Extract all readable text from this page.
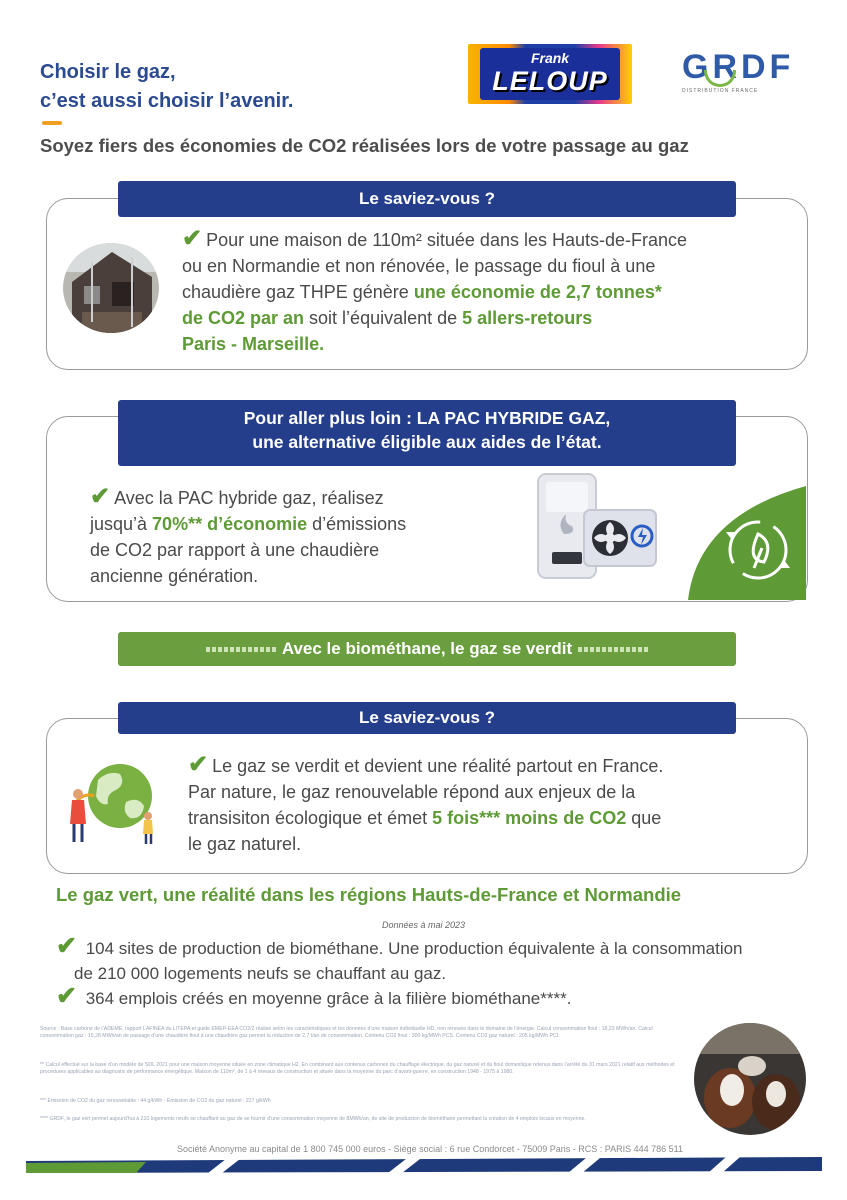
Choisir le gaz,
c’est aussi choisir l’avenir.
Frank
LELOUP	GRDF
DISTRIBUTION FRANCE
Soyez fiers des économies de CO2 réalisées lors de votre passage au gaz
Le saviez-vous ?
✔ Pour une maison de 110m² située dans les Hauts-de-France
ou en Normandie et non rénovée, le passage du fioul à une
chaudière gaz THPE génère une économie de 2,7 tonnes*
de CO2 par an soit l’équivalent de 5 allers-retours
Paris - Marseille.
Pour aller plus loin : LA PAC HYBRIDE GAZ,
une alternative éligible aux aides de l’état.
✔ Avec la PAC hybride gaz, réalisez
jusqu’à 70%** d’économie d’émissions
de CO2 par rapport à une chaudière
ancienne génération.
Avec le biométhane, le gaz se verdit
Le saviez-vous ?
✔ Le gaz se verdit et devient une réalité partout en France.
Par nature, le gaz renouvelable répond aux enjeux de la
transisiton écologique et émet 5 fois*** moins de CO2 que
le gaz naturel.
Le gaz vert, une réalité dans les régions Hauts-de-France et Normandie
Données à mai 2023
✔ 104 sites de production de biométhane. Une production équivalente à la consommation
de 210 000 logements neufs se chauffant au gaz.
✔ 364 emplois créés en moyenne grâce à la filière biométhane****.
Source : Base carbone de l’ADEME, rapport LAFINEA du LITEPA et guide EMEP-EEA CO2/2 réalisé selon les caractéristiques et les données d’une maison individuelle HD, non rénovée dans le domaine de l’énergie. Calcul consommation fioul : 18,23 MWh/an. Calcul consommation gaz : 15,28 MWh/an de passage d’une chaudière fioul à une chaudière gaz permet la réduction de 2,7 t/an de consommation. Contenu CO2 fioul : 300 kg/MWh PCS. Contenu CO2 gaz naturel : 205 kg/MWh PCI.
** Calcul effectué sur la base d’un modèle de SDL 2021 pour une maison moyenne située en zone climatique H2. En combinant aux contenus carbones du chauffage électrique, du gaz naturel et du fioul domestique retenus dans l’arrêté du 31 mars 2021 relatif aux méthodes et procédures applicables au diagnostic de performance énergétique. Maison de 110m², de 1 à 4 niveaux de construction et située dans la moyenne du parc d’avant-guerre, en construction 1948 - 1975 à 1980.
*** Émission de CO2 du gaz renouvelable : 44 g/kWh - Émission de CO2 du gaz naturel : 227 g/kWh
**** GRDF, le gaz vert permet aujourd’hui à 210 logements neufs se chauffant au gaz de se fournir d’une consommation moyenne de 8MWh/an, de site de production de biométhane permettant la création de 4 emplois locaux en moyenne.
Société Anonyme au capital de 1 800 745 000 euros - Siège social : 6 rue Condorcet - 75009 Paris - RCS : PARIS 444 786 511
